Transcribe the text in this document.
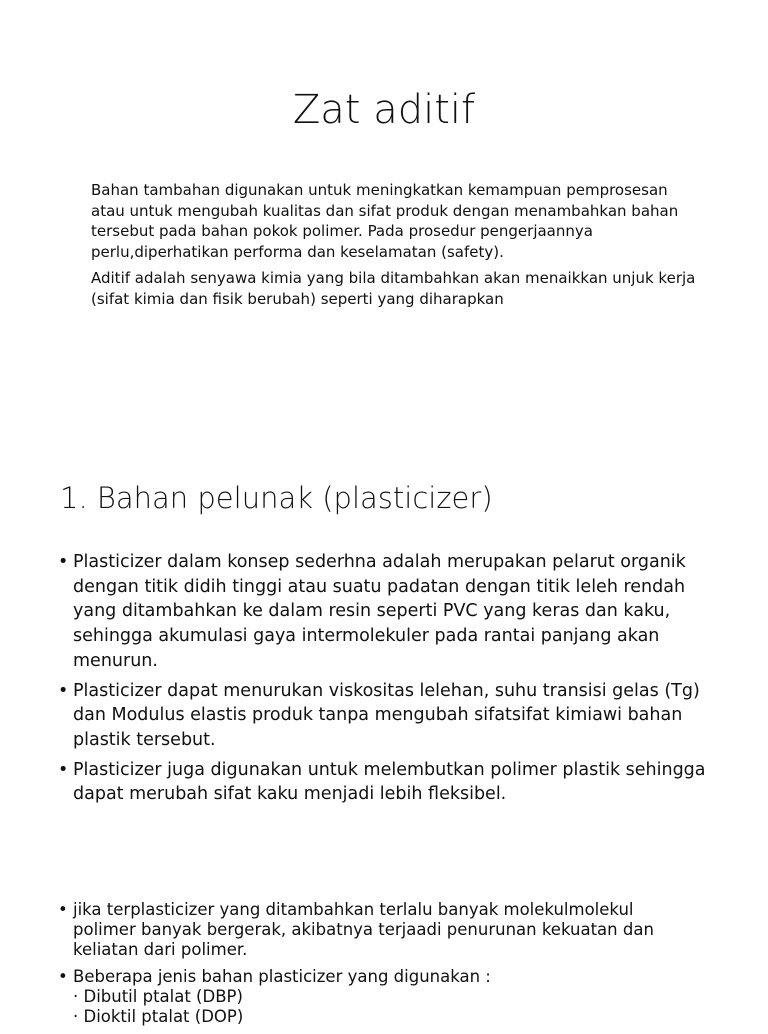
Zat aditif

Bahan tambahan digunakan untuk meningkatkan kemampuan pemprosesan atau untuk mengubah kualitas dan sifat produk dengan menambahkan bahan tersebut pada bahan pokok polimer. Pada prosedur pengerjaannya perlu,diperhatikan performa dan keselamatan (safety).

Aditif adalah senyawa kimia yang bila ditambahkan akan menaikkan unjuk kerja (sifat kimia dan fisik berubah) seperti yang diharapkan

1. Bahan pelunak (plasticizer)
• Plasticizer dalam konsep sederhna adalah merupakan pelarut organik dengan titik didih tinggi atau suatu padatan dengan titik leleh rendah yang ditambahkan ke dalam resin seperti PVC yang keras dan kaku, sehingga akumulasi gaya intermolekuler pada rantai panjang akan menurun.
• Plasticizer dapat menurukan viskositas lelehan, suhu transisi gelas (Tg) dan Modulus elastis produk tanpa mengubah sifatsifat kimiawi bahan plastik tersebut.
• Plasticizer juga digunakan untuk melembutkan polimer plastik sehingga dapat merubah sifat kaku menjadi lebih fleksibel.
• jika terplasticizer yang ditambahkan terlalu banyak molekulmolekul polimer banyak bergerak, akibatnya terjaadi penurunan kekuatan dan keliatan dari polimer.
• Beberapa jenis bahan plasticizer yang digunakan :
· Dibutil ptalat (DBP)
· Dioktil ptalat (DOP)
